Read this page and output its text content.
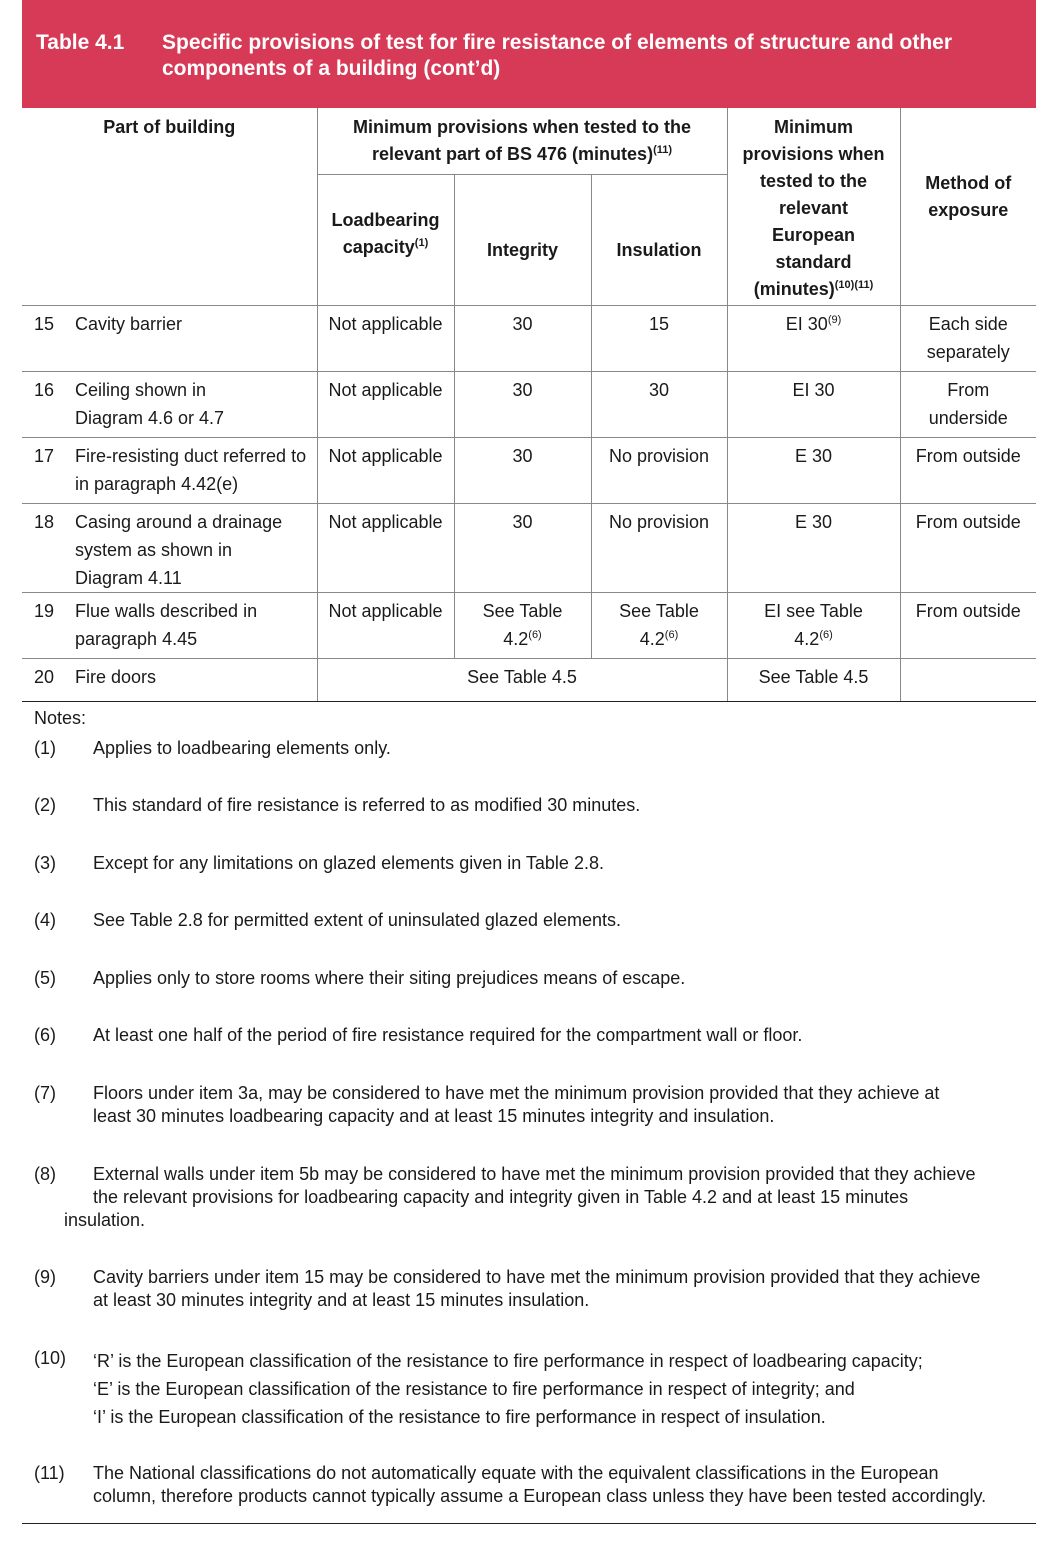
Table 4.1	Specific provisions of test for fire resistance of elements of structure and other components of a building (cont’d)
Part of building	Minimum provisions when tested to the relevant part of BS 476 (minutes)$^{(11)}$			Minimum provisions when tested to the relevant European standard (minutes)$^{(10)(11)}$	Method of exposure

	Loadbearing capacity$^{(1)}$	Integrity	Insulation		

15 Cavity barrier	Not applicable	30	15	EI 30$^{(9)}$	Each side separately

16 Ceiling shown in Diagram 4.6 or 4.7	Not applicable	30	30	EI 30	From underside

17 Fire-resisting duct referred to in paragraph 4.42(e)	Not applicable	30	No provision	E 30	From outside

18 Casing around a drainage system as shown in Diagram 4.11	Not applicable	30	No provision	E 30	From outside

19 Flue walls described in paragraph 4.45	Not applicable	See Table 4.2$^{(6)}$	See Table 4.2$^{(6)}$	EI see Table 4.2$^{(6)}$	From outside

20 Fire doors	See Table 4.5			See Table 4.5	

Notes:
(1) Applies to loadbearing elements only.
(2) This standard of fire resistance is referred to as modified 30 minutes.
(3) Except for any limitations on glazed elements given in Table 2.8.
(4) See Table 2.8 for permitted extent of uninsulated glazed elements.
(5) Applies only to store rooms where their siting prejudices means of escape.
(6) At least one half of the period of fire resistance required for the compartment wall or floor.
(7) Floors under item 3a, may be considered to have met the minimum provision provided that they achieve at
least 30 minutes loadbearing capacity and at least 15 minutes integrity and insulation.
(8) External walls under item 5b may be considered to have met the minimum provision provided that they achieve
the relevant provisions for loadbearing capacity and integrity given in Table 4.2 and at least 15 minutes
insulation.
(9) Cavity barriers under item 15 may be considered to have met the minimum provision provided that they achieve
at least 30 minutes integrity and at least 15 minutes insulation.
(10) ‘R’ is the European classification of the resistance to fire performance in respect of loadbearing capacity;
‘E’ is the European classification of the resistance to fire performance in respect of integrity; and
‘I’ is the European classification of the resistance to fire performance in respect of insulation.
(11) The National classifications do not automatically equate with the equivalent classifications in the European
column, therefore products cannot typically assume a European class unless they have been tested accordingly.
